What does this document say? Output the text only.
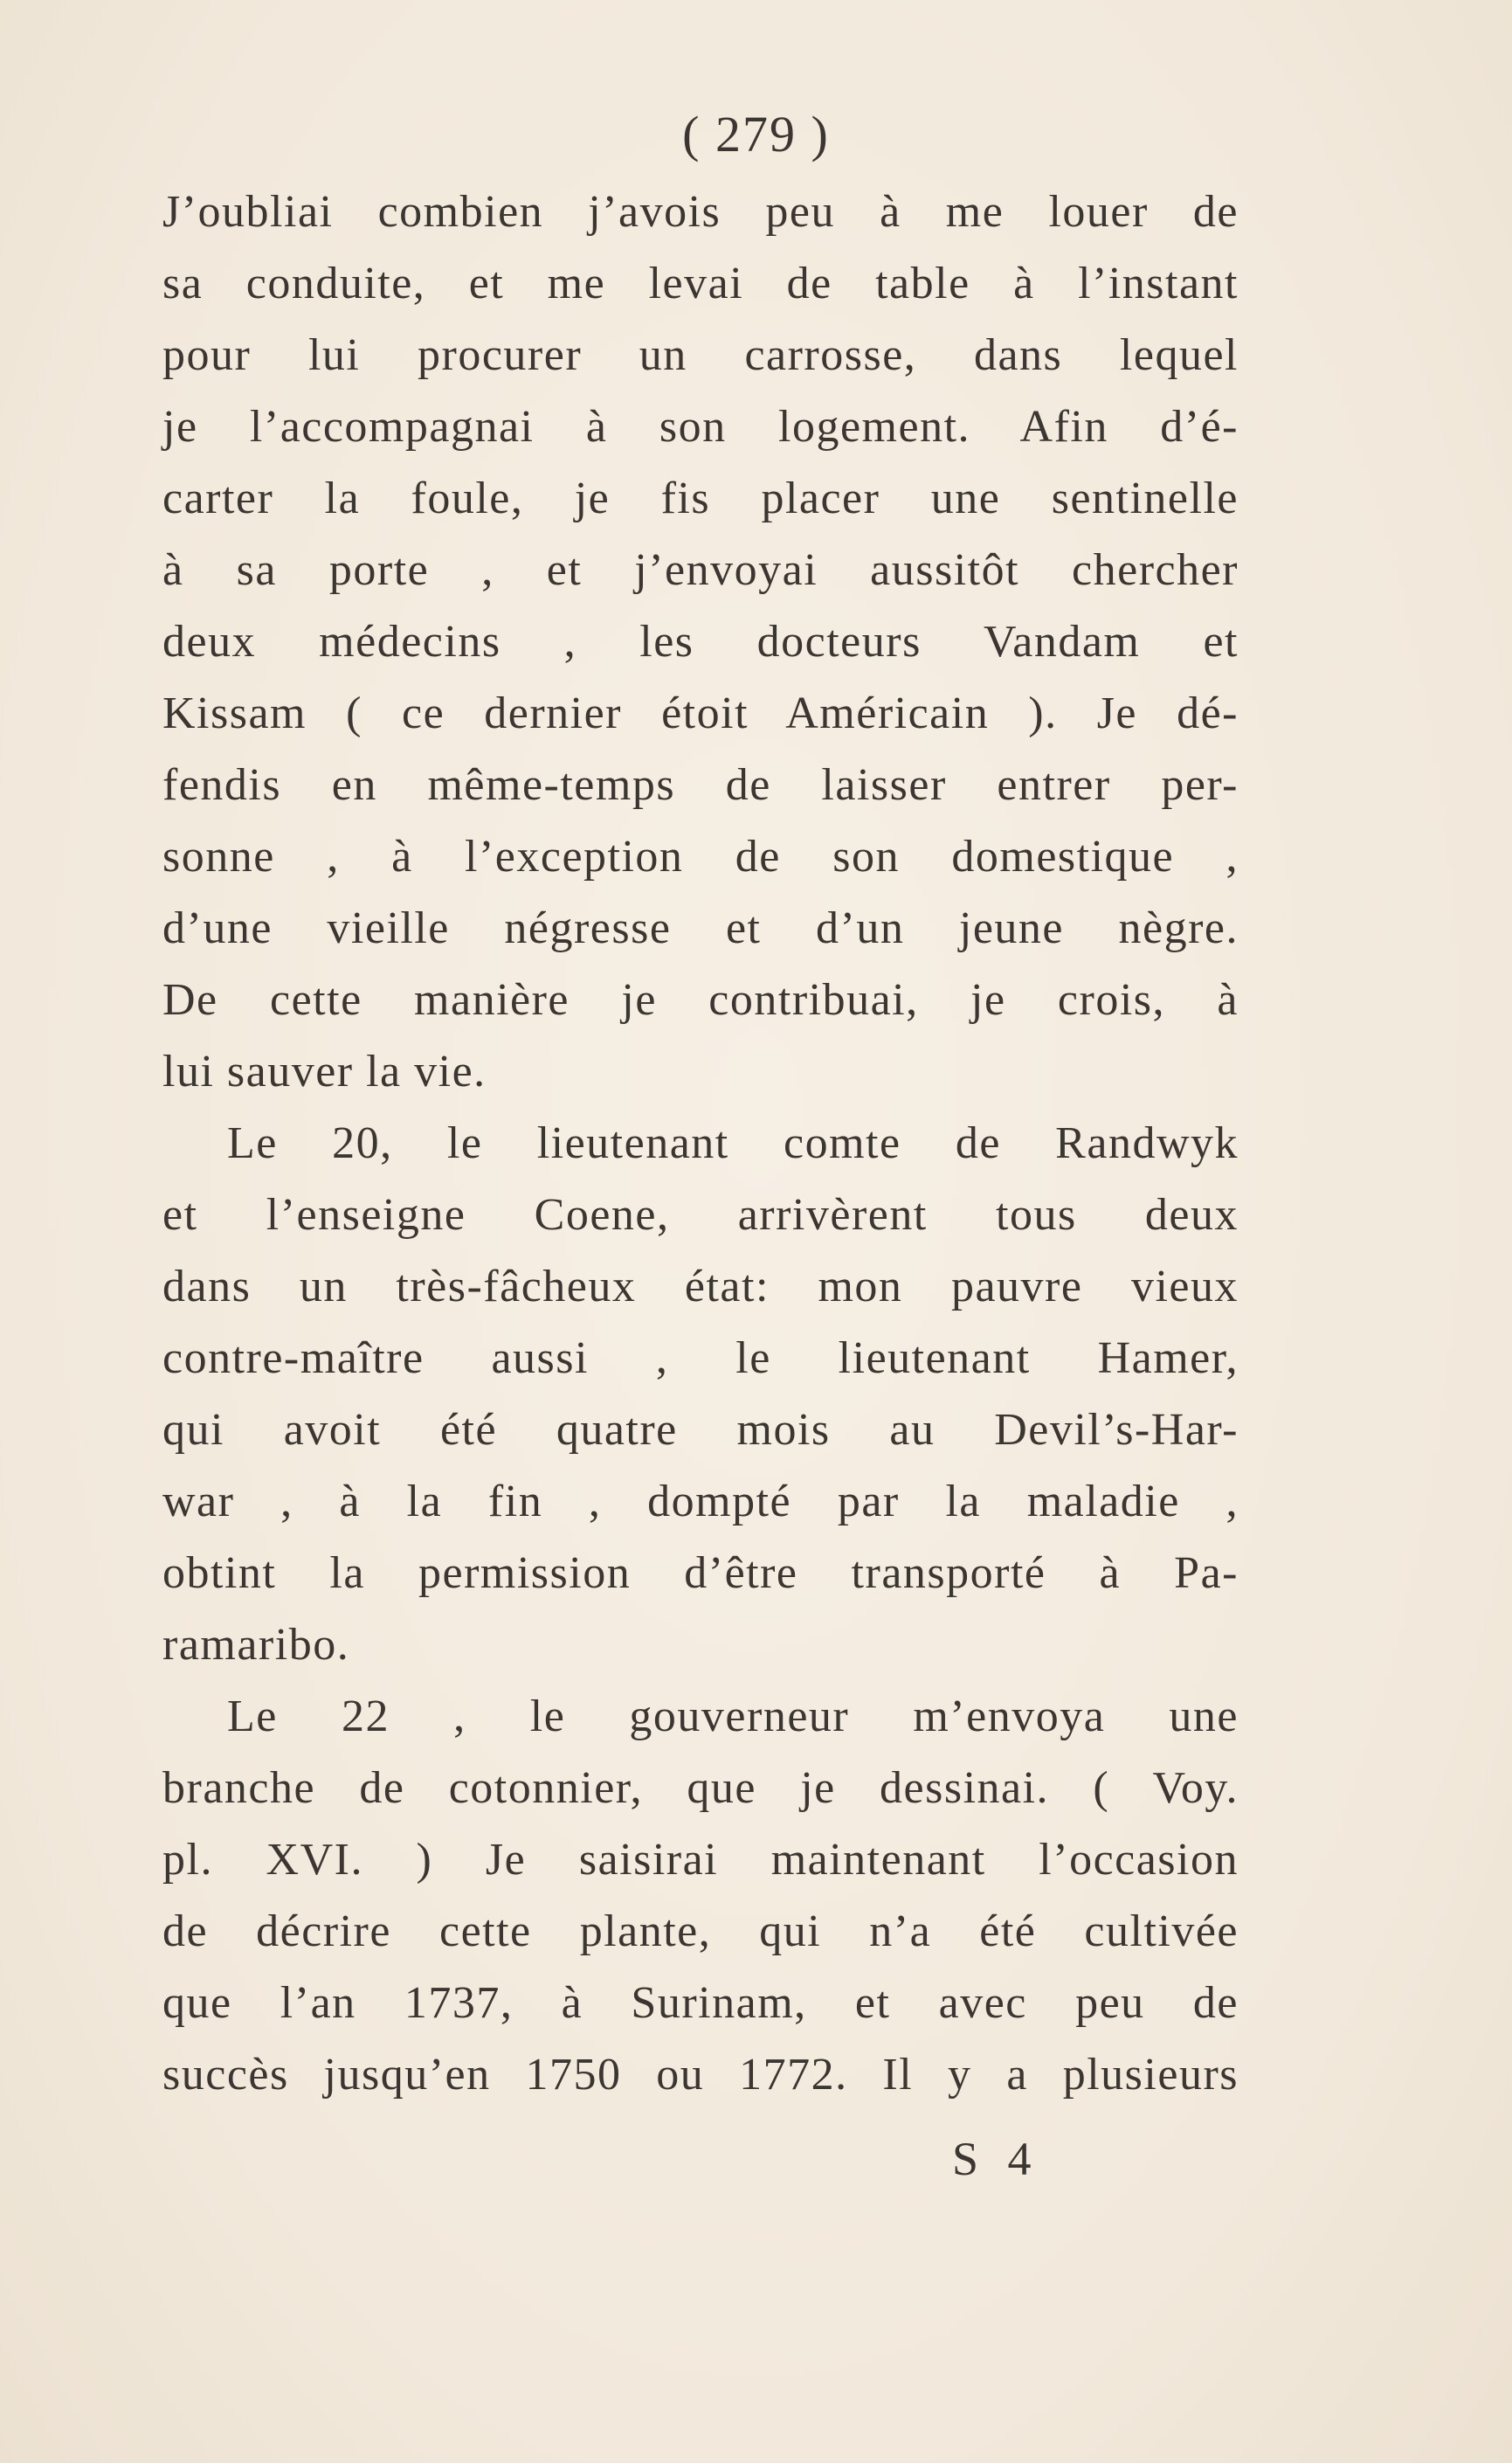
( 279 )
J’oubliai combien j’avois peu à me louer de
sa conduite, et me levai de table à l’instant
pour lui procurer un carrosse, dans lequel
je l’accompagnai à son logement. Afin d’é-
carter la foule, je fis placer une sentinelle
à sa porte , et j’envoyai aussitôt chercher
deux médecins , les docteurs Vandam et
Kissam ( ce dernier étoit Américain ). Je dé-
fendis en même-temps de laisser entrer per-
sonne , à l’exception de son domestique ,
d’une vieille négresse et d’un jeune nègre.
De cette manière je contribuai, je crois, à
lui sauver la vie.
Le 20, le lieutenant comte de Randwyk
et l’enseigne Coene, arrivèrent tous deux
dans un très-fâcheux état: mon pauvre vieux
contre-maître aussi , le lieutenant Hamer,
qui avoit été quatre mois au Devil’s-Har-
war , à la fin , dompté par la maladie ,
obtint la permission d’être transporté à Pa-
ramaribo.
Le 22 , le gouverneur m’envoya une
branche de cotonnier, que je dessinai. ( Voy.
pl. XVI. ) Je saisirai maintenant l’occasion
de décrire cette plante, qui n’a été cultivée
que l’an 1737, à Surinam, et avec peu de
succès jusqu’en 1750 ou 1772. Il y a plusieurs
S 4
